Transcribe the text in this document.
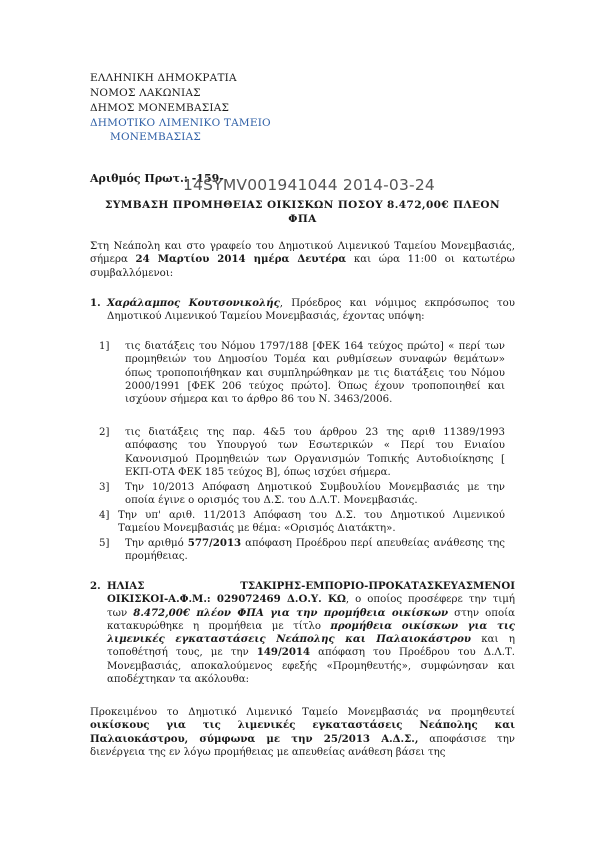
ΕΛΛΗΝΙΚΗ ΔΗΜΟΚΡΑΤΙΑ
ΝΟΜΟΣ ΛΑΚΩΝΙΑΣ
ΔΗΜΟΣ ΜΟΝΕΜΒΑΣΙΑΣ
ΔΗΜΟΤΙΚΟ ΛΙΜΕΝΙΚΟ ΤΑΜΕΙΟ
ΜΟΝΕΜΒΑΣΙΑΣ
Αριθμός Πρωτ.: -159-
14SYMV001941044 2014-03-24
ΣΥΜΒΑΣΗ ΠΡΟΜΗΘΕΙΑΣ ΟΙΚΙΣΚΩΝ ΠΟΣΟΥ 8.472,00€ ΠΛΕΟΝ
ΦΠΑ
Στη Νεάπολη και στο γραφείο του Δημοτικού Λιμενικού Ταμείου Μονεμβασιάς, σήμερα 24 Μαρτίου 2014 ημέρα Δευτέρα και ώρα 11:00 οι κατωτέρω συμβαλλόμενοι:
1. Χαράλαμπος Κουτσονικολής, Πρόεδρος και νόμιμος εκπρόσωπος του Δημοτικού Λιμενικού Ταμείου Μονεμβασιάς, έχοντας υπόψη:
1] τις διατάξεις του Νόμου 1797/188 [ΦΕΚ 164 τεύχος πρώτο] « περί των προμηθειών του Δημοσίου Τομέα και ρυθμίσεων συναφών θεμάτων» όπως τροποποιήθηκαν και συμπληρώθηκαν με τις διατάξεις του Νόμου 2000/1991 [ΦΕΚ 206 τεύχος πρώτο]. Όπως έχουν τροποποιηθεί και ισχύουν σήμερα και το άρθρο 86 του Ν. 3463/2006.
2] τις διατάξεις της παρ. 4&5 του άρθρου 23 της αριθ 11389/1993 απόφασης του Υπουργού των Εσωτερικών « Περί του Ενιαίου Κανονισμού Προμηθειών των Οργανισμών Τοπικής Αυτοδιοίκησης [ ΕΚΠ-ΟΤΑ ΦΕΚ 185 τεύχος Β], όπως ισχύει σήμερα.
3] Την 10/2013 Απόφαση Δημοτικού Συμβουλίου Μονεμβασιάς με την οποία έγινε ο ορισμός του Δ.Σ. του Δ.Λ.Τ. Μονεμβασιάς.
4] Την υπ' αριθ. 11/2013 Απόφαση του Δ.Σ. του Δημοτικού Λιμενικού Ταμείου Μονεμβασιάς με θέμα: «Ορισμός Διατάκτη».
5] Την αριθμό 577/2013 απόφαση Προέδρου περί απευθείας ανάθεσης της προμήθειας.
2. ΗΛΙΑΣ                  ΤΣΑΚΙΡΗΣ-ΕΜΠΟΡΙΟ-ΠΡΟΚΑΤΑΣΚΕΥΑΣΜΕΝΟΙ ΟΙΚΙΣΚΟΙ-Α.Φ.Μ.: 029072469 Δ.Ο.Υ. ΚΩ, ο οποίος προσέφερε την τιμή των 8.472,00€ πλέον ΦΠΑ για την προμήθεια οικίσκων στην οποία κατακυρώθηκε η προμήθεια με τίτλο προμήθεια οικίσκων για τις λιμενικές εγκαταστάσεις Νεάπολης και Παλαιοκάστρου και η τοποθέτησή τους, με την 149/2014 απόφαση του Προέδρου του Δ.Λ.Τ. Μονεμβασιάς, αποκαλούμενος εφεξής «Προμηθευτής», συμφώνησαν και αποδέχτηκαν τα ακόλουθα:
Προκειμένου το Δημοτικό Λιμενικό Ταμείο Μονεμβασιάς να προμηθευτεί οικίσκους για τις λιμενικές εγκαταστάσεις Νεάπολης και Παλαιοκάστρου, σύμφωνα με την 25/2013 Α.Δ.Σ., αποφάσισε την διενέργεια της εν λόγω προμήθειας με απευθείας ανάθεση βάσει της
